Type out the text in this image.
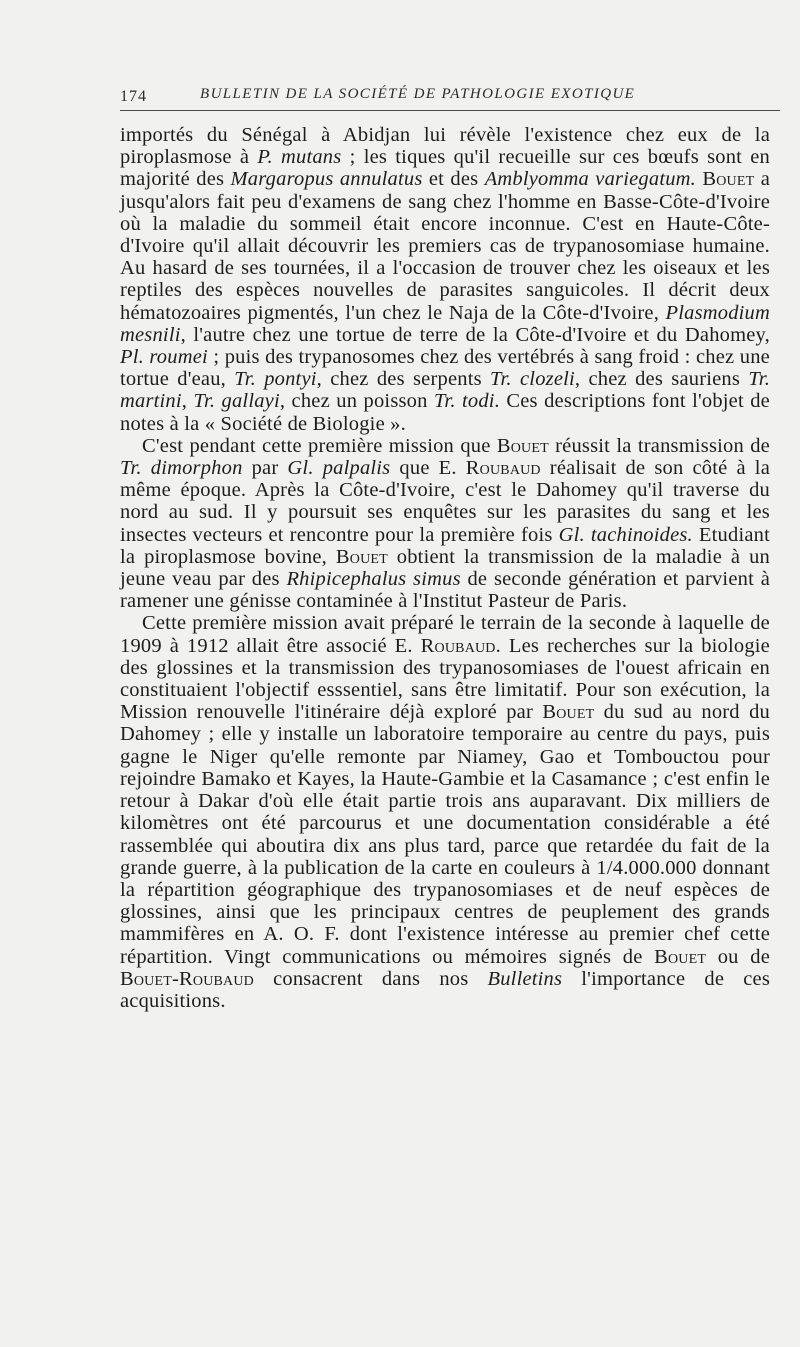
174	BULLETIN DE LA SOCIÉTÉ DE PATHOLOGIE EXOTIQUE

importés du Sénégal à Abidjan lui révèle l'existence chez eux de la piroplasmose à P. mutans ; les tiques qu'il recueille sur ces bœufs sont en majorité des Margaropus annulatus et des Amblyomma variegatum. Bouet a jusqu'alors fait peu d'examens de sang chez l'homme en Basse-Côte-d'Ivoire où la maladie du sommeil était encore inconnue. C'est en Haute-Côte-d'Ivoire qu'il allait découvrir les premiers cas de trypanosomiase humaine. Au hasard de ses tournées, il a l'occasion de trouver chez les oiseaux et les reptiles des espèces nouvelles de parasites sanguicoles. Il décrit deux hématozoaires pigmentés, l'un chez le Naja de la Côte-d'Ivoire, Plasmodium mesnili, l'autre chez une tortue de terre de la Côte-d'Ivoire et du Dahomey, Pl. roumei ; puis des trypanosomes chez des vertébrés à sang froid : chez une tortue d'eau, Tr. pontyi, chez des serpents Tr. clozeli, chez des sauriens Tr. martini, Tr. gallayi, chez un poisson Tr. todi. Ces descriptions font l'objet de notes à la « Société de Biologie ».

C'est pendant cette première mission que Bouet réussit la transmission de Tr. dimorphon par Gl. palpalis que E. Roubaud réalisait de son côté à la même époque. Après la Côte-d'Ivoire, c'est le Dahomey qu'il traverse du nord au sud. Il y poursuit ses enquêtes sur les parasites du sang et les insectes vecteurs et rencontre pour la première fois Gl. tachinoides. Etudiant la piroplasmose bovine, Bouet obtient la transmission de la maladie à un jeune veau par des Rhipicephalus simus de seconde génération et parvient à ramener une génisse contaminée à l'Institut Pasteur de Paris.

Cette première mission avait préparé le terrain de la seconde à laquelle de 1909 à 1912 allait être associé E. Roubaud. Les recherches sur la biologie des glossines et la transmission des trypanosomiases de l'ouest africain en constituaient l'objectif esssentiel, sans être limitatif. Pour son exécution, la Mission renouvelle l'itinéraire déjà exploré par Bouet du sud au nord du Dahomey ; elle y installe un laboratoire temporaire au centre du pays, puis gagne le Niger qu'elle remonte par Niamey, Gao et Tombouctou pour rejoindre Bamako et Kayes, la Haute-Gambie et la Casamance ; c'est enfin le retour à Dakar d'où elle était partie trois ans auparavant. Dix milliers de kilomètres ont été parcourus et une documentation considérable a été rassemblée qui aboutira dix ans plus tard, parce que retardée du fait de la grande guerre, à la publication de la carte en couleurs à 1/4.000.000 donnant la répartition géographique des trypanosomiases et de neuf espèces de glossines, ainsi que les principaux centres de peuplement des grands mammifères en A. O. F. dont l'existence intéresse au premier chef cette répartition. Vingt communications ou mémoires signés de Bouet ou de Bouet-Roubaud consacrent dans nos Bulletins l'importance de ces acquisitions.
